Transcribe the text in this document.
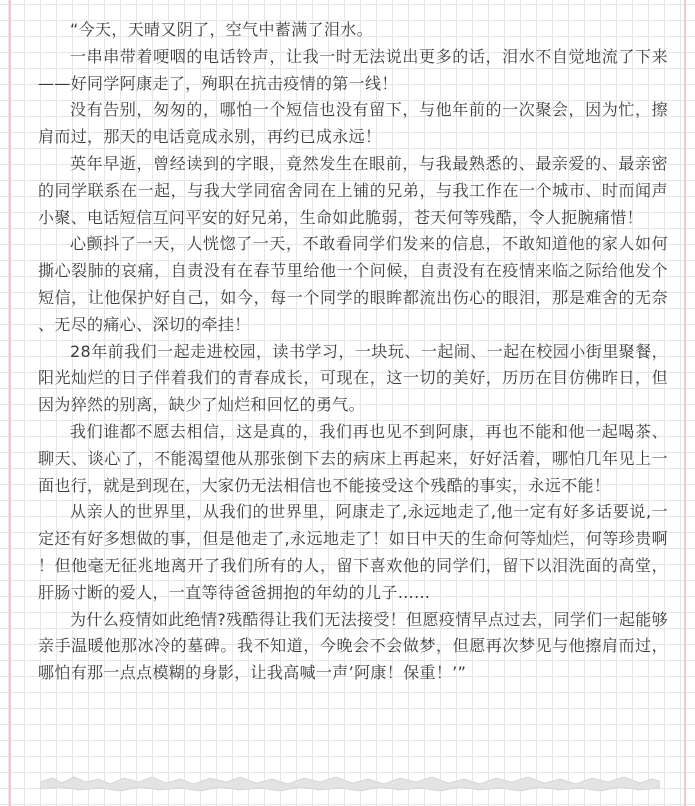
“今天，天晴又阴了，空气中蓄满了泪水。

一串串带着哽咽的电话铃声，让我一时无法说出更多的话，泪水不自觉地流了下来——好同学阿康走了，殉职在抗击疫情的第一线！

没有告别，匆匆的，哪怕一个短信也没有留下，与他年前的一次聚会，因为忙，擦肩而过，那天的电话竟成永别，再约已成永远！

英年早逝，曾经读到的字眼，竟然发生在眼前，与我最熟悉的、最亲爱的、最亲密的同学联系在一起，与我大学同宿舍同在上铺的兄弟，与我工作在一个城市、时而闻声小聚、电话短信互问平安的好兄弟，生命如此脆弱，苍天何等残酷，令人扼腕痛惜！

心颤抖了一天，人恍惚了一天，不敢看同学们发来的信息，不敢知道他的家人如何撕心裂肺的哀痛，自责没有在春节里给他一个问候，自责没有在疫情来临之际给他发个短信，让他保护好自己，如今，每一个同学的眼眸都流出伤心的眼泪，那是难舍的无奈、无尽的痛心、深切的牵挂！

28年前我们一起走进校园，读书学习，一块玩、一起闹、一起在校园小街里聚餐，阳光灿烂的日子伴着我们的青春成长，可现在，这一切的美好，历历在目仿佛昨日，但因为猝然的别离，缺少了灿烂和回忆的勇气。

我们谁都不愿去相信，这是真的，我们再也见不到阿康，再也不能和他一起喝茶、聊天、谈心了，不能渴望他从那张倒下去的病床上再起来，好好活着，哪怕几年见上一面也行，就是到现在，大家仍无法相信也不能接受这个残酷的事实，永远不能！

从亲人的世界里，从我们的世界里，阿康走了,永远地走了,他一定有好多话要说,一定还有好多想做的事，但是他走了,永远地走了！如日中天的生命何等灿烂，何等珍贵啊！但他毫无征兆地离开了我们所有的人，留下喜欢他的同学们，留下以泪洗面的高堂，肝肠寸断的爱人，一直等待爸爸拥抱的年幼的儿子……

为什么疫情如此绝情?残酷得让我们无法接受！但愿疫情早点过去，同学们一起能够亲手温暖他那冰冷的墓碑。我不知道，今晚会不会做梦，但愿再次梦见与他擦肩而过，哪怕有那一点点模糊的身影，让我高喊一声’阿康！保重！’”
